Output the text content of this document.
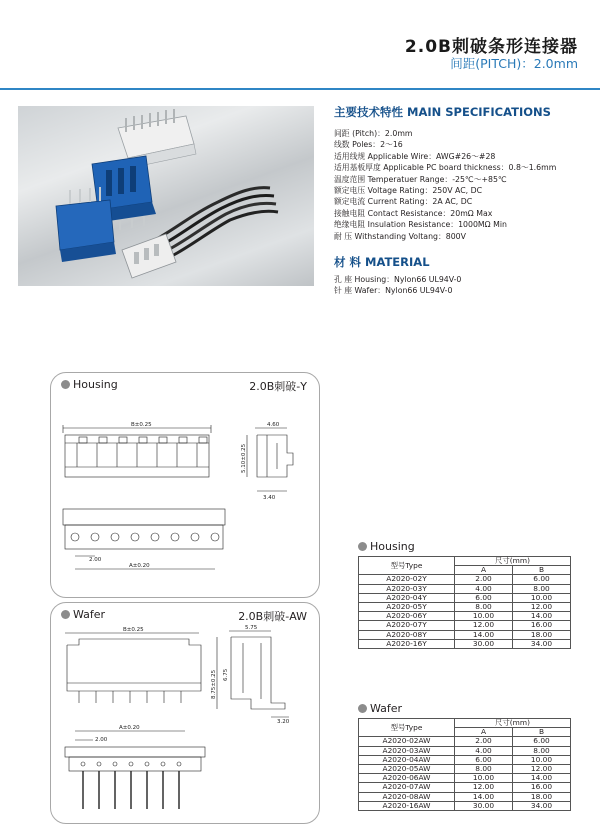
2.0B刺破条形连接器
间距(PITCH)：2.0mm
主要技术特性 MAIN SPECIFICATIONS
间距 (Pitch)：2.0mm
线数 Poles：2～16
适用线规 Applicable Wire：AWG#26～#28
适用基板厚度 Applicable PC board thickness：0.8～1.6mm
温度范围 Temperatuer Range：-25℃～+85℃
额定电压 Voltage Rating：250V AC, DC
额定电流 Current Rating：2A AC, DC
接触电阻 Contact Resistance：20mΩ Max
绝缘电阻 Insulation Resistance：1000MΩ Min
耐 压 Withstanding Voltang：800V
材 料 MATERIAL
孔 座 Housing：Nylon66 UL94V-0
针 座 Wafer：Nylon66 UL94V-0
Housing	2.0B刺破-Y
B±0.25	4.60
5.10±0.25
3.40
2.00
A±0.20
Wafer	2.0B刺破-AW
B±0.25	5.75
8.75±0.25 6.75
3.20
A±0.20
2.00
Housing
型号Type	尺寸(mm)	
	A	B
A2020-02Y	2.00	6.00
A2020-03Y	4.00	8.00
A2020-04Y	6.00	10.00
A2020-05Y	8.00	12.00
A2020-06Y	10.00	14.00
A2020-07Y	12.00	16.00
A2020-08Y	14.00	18.00
A2020-16Y	30.00	34.00
Wafer
型号Type	尺寸(mm)	
	A	B
A2020-02AW	2.00	6.00
A2020-03AW	4.00	8.00
A2020-04AW	6.00	10.00
A2020-05AW	8.00	12.00
A2020-06AW	10.00	14.00
A2020-07AW	12.00	16.00
A2020-08AW	14.00	18.00
A2020-16AW	30.00	34.00
